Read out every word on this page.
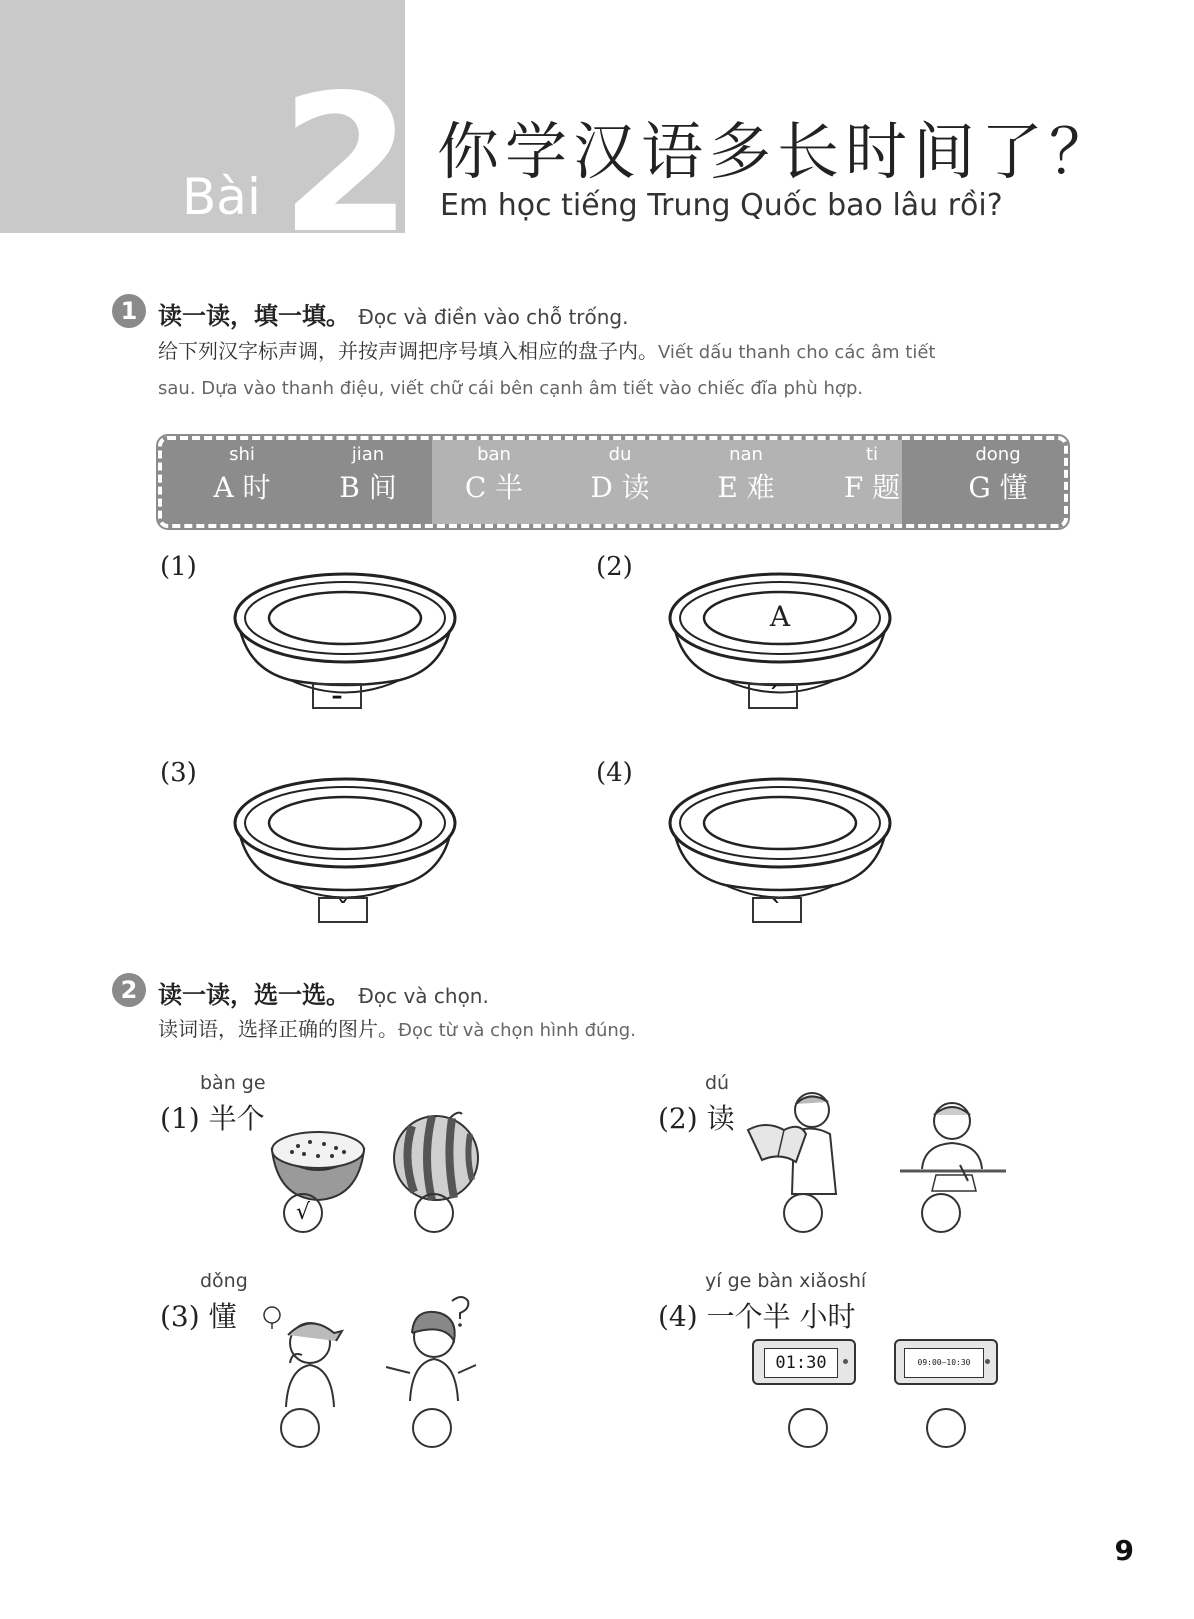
Bài 2 你学汉语多长时间了？
Em học tiếng Trung Quốc bao lâu rồi?
1 读一读，填一填。 Đọc và điền vào chỗ trống.
给下列汉字标声调，并按声调把序号填入相应的盘子内。Viết dấu thanh cho các âm tiết
sau. Dựa vào thanh điệu, viết chữ cái bên cạnh âm tiết vào chiếc đĩa phù hợp.
shi
A 时
jian
B 间
ban
C 半
du
D 读
nan
E 难
ti
F 题
dong
G 懂
(1)
–
(2)
A
ˊ
(3)
ˇ
(4)
ˋ
2 读一读，选一选。 Đọc và chọn.
读词语，选择正确的图片。Đọc từ và chọn hình đúng.
bàn ge
(1) 半个
√
dú
(2) 读
dǒng
(3) 懂
yí ge bàn xiǎoshí
(4) 一个半 小时
01:30	09:00—10:30
9
